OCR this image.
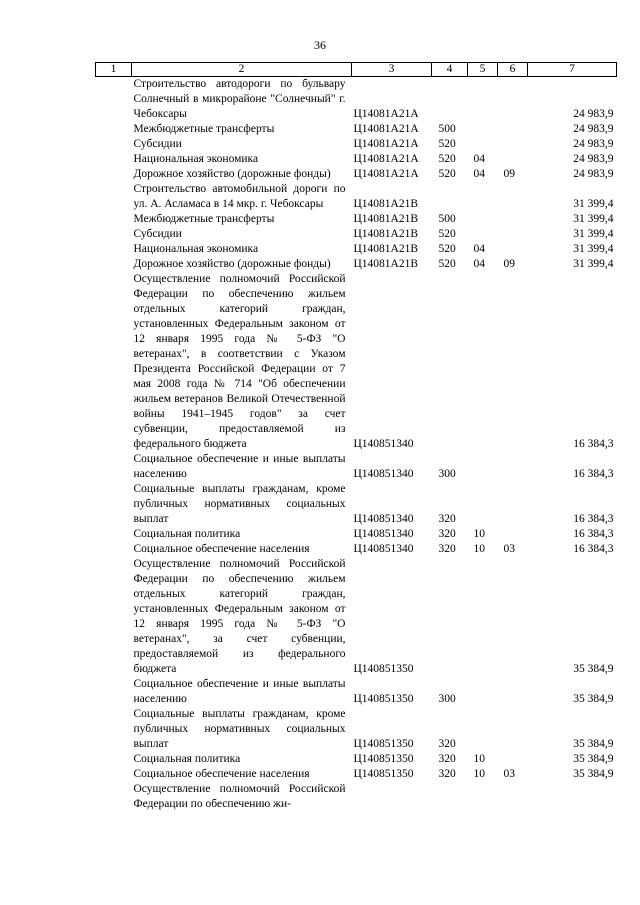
36
1	2	3	4	5	6	7
	Строительство автодороги по бульвару Солнечный в микрорайоне "Солнечный" г. Чебоксары	Ц14081А21А				24 983,9
	Межбюджетные трансферты	Ц14081А21А	500			24 983,9
	Субсидии	Ц14081А21А	520			24 983,9
	Национальная экономика	Ц14081А21А	520	04		24 983,9
	Дорожное хозяйство (дорожные фонды)	Ц14081А21А	520	04	09	24 983,9
	Строительство автомобильной дороги по ул. А. Асламаса в 14 мкр. г. Чебоксары	Ц14081А21В				31 399,4
	Межбюджетные трансферты	Ц14081А21В	500			31 399,4
	Субсидии	Ц14081А21В	520			31 399,4
	Национальная экономика	Ц14081А21В	520	04		31 399,4
	Дорожное хозяйство (дорожные фонды)	Ц14081А21В	520	04	09	31 399,4
	Осуществление полномочий Российской Федерации по обеспечению жильем отдельных категорий граждан, установленных Федеральным законом от 12 января 1995 года № 5-ФЗ "О ветеранах", в соответствии с Указом Президента Российской Федерации от 7 мая 2008 года № 714 "Об обеспечении жильем ветеранов Великой Отечественной войны 1941–1945 годов" за счет субвенции, предоставляемой из федерального бюджета	Ц140851340				16 384,3
	Социальное обеспечение и иные выплаты населению	Ц140851340	300			16 384,3
	Социальные выплаты гражданам, кроме публичных нормативных социальных выплат	Ц140851340	320			16 384,3
	Социальная политика	Ц140851340	320	10		16 384,3
	Социальное обеспечение населения	Ц140851340	320	10	03	16 384,3
	Осуществление полномочий Российской Федерации по обеспечению жильем отдельных категорий граждан, установленных Федеральным законом от 12 января 1995 года № 5-ФЗ "О ветеранах", за счет субвенции, предоставляемой из федерального бюджета	Ц140851350				35 384,9
	Социальное обеспечение и иные выплаты населению	Ц140851350	300			35 384,9
	Социальные выплаты гражданам, кроме публичных нормативных социальных выплат	Ц140851350	320			35 384,9
	Социальная политика	Ц140851350	320	10		35 384,9
	Социальное обеспечение населения	Ц140851350	320	10	03	35 384,9
	Осуществление полномочий Российской Федерации по обеспечению жи-					
